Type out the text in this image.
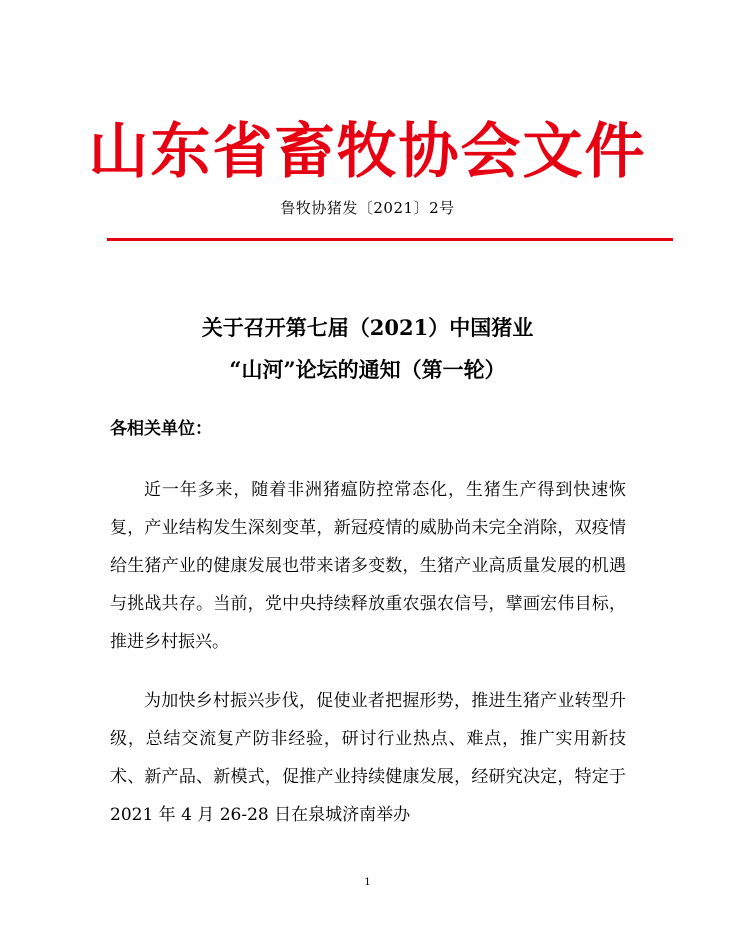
山东省畜牧协会文件
鲁牧协猪发〔2021〕2号
关于召开第七届（2021）中国猪业
“山河”论坛的通知（第一轮）
各相关单位：

近一年多来，随着非洲猪瘟防控常态化，生猪生产得到快速恢复，产业结构发生深刻变革，新冠疫情的威胁尚未完全消除，双疫情给生猪产业的健康发展也带来诸多变数，生猪产业高质量发展的机遇与挑战共存。当前，党中央持续释放重农强农信号，擘画宏伟目标，推进乡村振兴。

为加快乡村振兴步伐，促使业者把握形势，推进生猪产业转型升级，总结交流复产防非经验，研讨行业热点、难点，推广实用新技术、新产品、新模式，促推产业持续健康发展，经研究决定，特定于 2021 年 4 月 26-28 日在泉城济南举办

1
